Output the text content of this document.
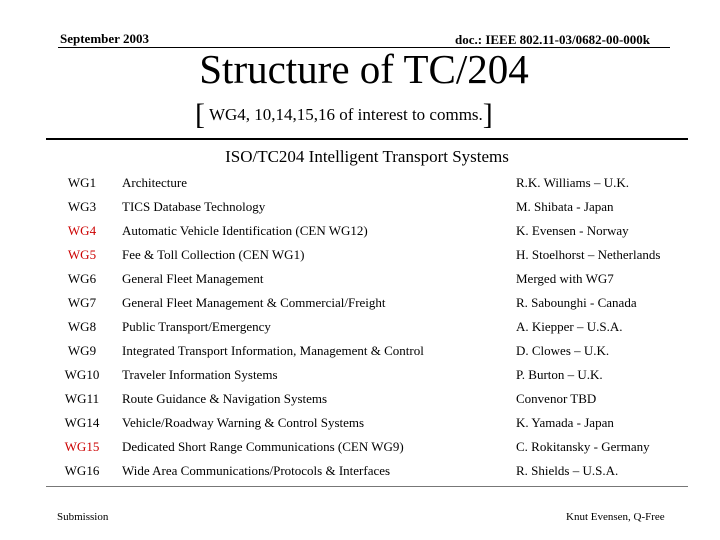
September 2003	doc.: IEEE 802.11-03/0682-00-000k
Structure of TC/204
[ WG4, 10,14,15,16 of interest to comms.]
ISO/TC204 Intelligent Transport Systems
WG1	Architecture	R.K. Williams – U.K.
WG3	TICS Database Technology	M. Shibata - Japan
WG4	Automatic Vehicle Identification (CEN WG12)	K. Evensen - Norway
WG5	Fee & Toll Collection (CEN WG1)	H. Stoelhorst – Netherlands
WG6	General Fleet Management	Merged with WG7
WG7	General Fleet Management & Commercial/Freight	R. Sabounghi - Canada
WG8	Public Transport/Emergency	A. Kiepper – U.S.A.
WG9	Integrated Transport Information, Management & Control	D. Clowes – U.K.
WG10	Traveler Information Systems	P. Burton – U.K.
WG11	Route Guidance & Navigation Systems	Convenor TBD
WG14	Vehicle/Roadway Warning & Control Systems	K. Yamada - Japan
WG15	Dedicated Short Range Communications (CEN WG9)	C. Rokitansky - Germany
WG16	Wide Area Communications/Protocols & Interfaces	R. Shields – U.S.A.
Submission	Knut Evensen, Q-Free
